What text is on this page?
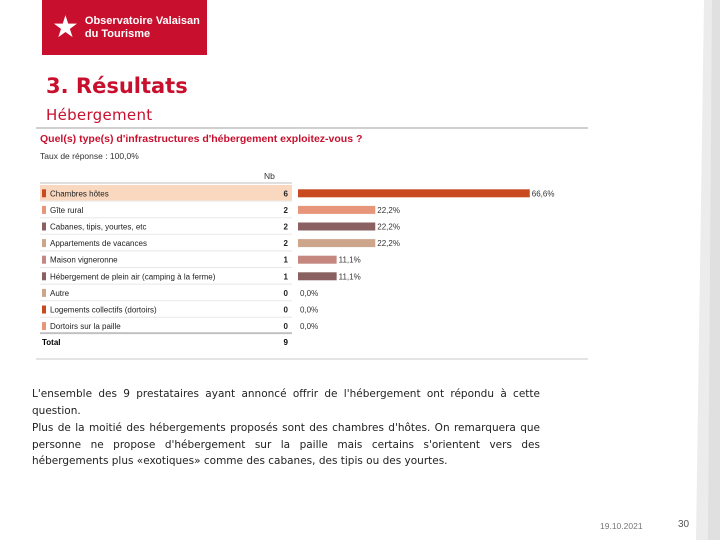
★ Observatoire Valaisan
du Tourisme
3. Résultats
Hébergement
Quel(s) type(s) d'infrastructures d'hébergement exploitez-vous ?
Taux de réponse : 100,0%
Nb
Chambres hôtes	6	66,6%
Gîte rural	2	22,2%
Cabanes, tipis, yourtes, etc	2	22,2%
Appartements de vacances	2	22,2%
Maison vigneronne	1	11,1%
Hébergement de plein air (camping à la ferme)	1	11,1%
Autre	0 0,0%
Logements collectifs (dortoirs)	0 0,0%
Dortoirs sur la paille	0 0,0%
Total	9
L'ensemble des 9 prestataires ayant annoncé offrir de l'hébergement ont répondu à cette question.
Plus de la moitié des hébergements proposés sont des chambres d'hôtes. On remarquera que personne ne propose d'hébergement sur la paille mais certains s'orientent vers des hébergements plus «exotiques» comme des cabanes, des tipis ou des yourtes.
19.10.2021	30
